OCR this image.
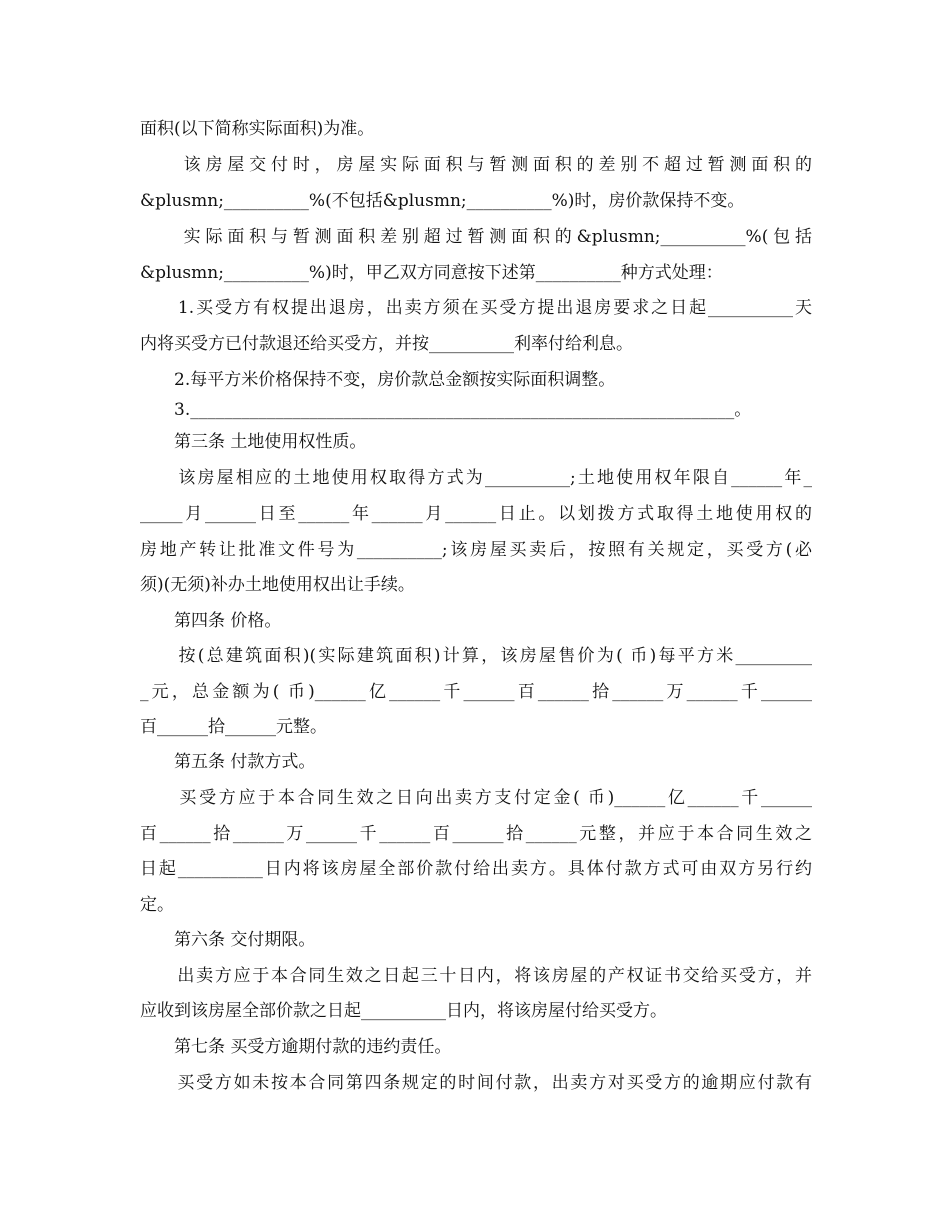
面积(以下简称实际面积)为准。
　　该房屋交付时，房屋实际面积与暂测面积的差别不超过暂测面积的
&plusmn;__________%(不包括&plusmn;__________%)时，房价款保持不变。
　　实际面积与暂测面积差别超过暂测面积的&plusmn;__________%(包括
&plusmn;__________%)时，甲乙双方同意按下述第__________种方式处理：
　　1.买受方有权提出退房，出卖方须在买受方提出退房要求之日起__________天
内将买受方已付款退还给买受方，并按__________利率付给利息。
　　2.每平方米价格保持不变，房价款总金额按实际面积调整。
　　3.________________________________________________________________。
　　第三条 土地使用权性质。
　　该房屋相应的土地使用权取得方式为__________;土地使用权年限自______年_
_____月______日至______年______月______日止。以划拨方式取得土地使用权的
房地产转让批准文件号为__________;该房屋买卖后，按照有关规定，买受方(必
须)(无须)补办土地使用权出让手续。
　　第四条 价格。
　　按(总建筑面积)(实际建筑面积)计算，该房屋售价为( 币)每平方米_________
_元，总金额为( 币)______亿______千______百______拾______万______千______
百______拾______元整。
　　第五条 付款方式。
　　买受方应于本合同生效之日向出卖方支付定金( 币)______亿______千______
百______拾______万______千______百______拾______元整，并应于本合同生效之
日起__________日内将该房屋全部价款付给出卖方。具体付款方式可由双方另行约
定。
　　第六条 交付期限。
　　出卖方应于本合同生效之日起三十日内，将该房屋的产权证书交给买受方，并
应收到该房屋全部价款之日起__________日内，将该房屋付给买受方。
　　第七条 买受方逾期付款的违约责任。
　　买受方如未按本合同第四条规定的时间付款，出卖方对买受方的逾期应付款有
